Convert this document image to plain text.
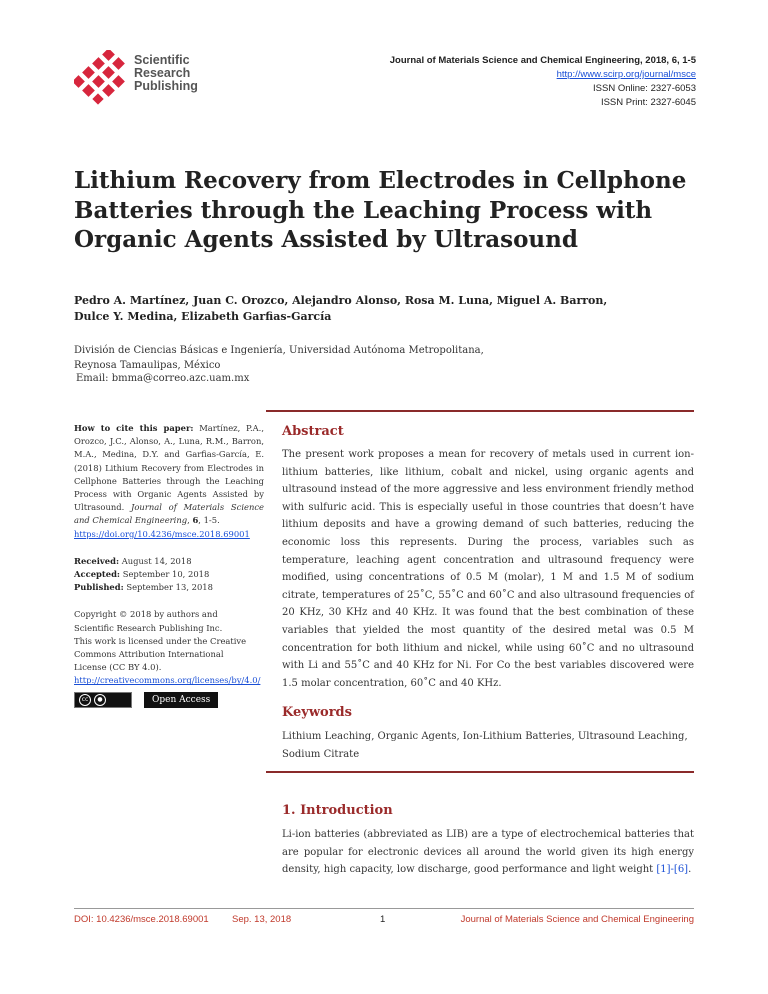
Scientific
Research
Publishing
Journal of Materials Science and Chemical Engineering, 2018, 6, 1-5
http://www.scirp.org/journal/msce
ISSN Online: 2327-6053
ISSN Print: 2327-6045
Lithium Recovery from Electrodes in Cellphone
Batteries through the Leaching Process with
Organic Agents Assisted by Ultrasound
Pedro A. Martínez, Juan C. Orozco, Alejandro Alonso, Rosa M. Luna, Miguel A. Barron,
Dulce Y. Medina, Elizabeth Garfias-García
División de Ciencias Básicas e Ingeniería, Universidad Autónoma Metropolitana,
Reynosa Tamaulipas, México
Email: bmma@correo.azc.uam.mx

How to cite this paper: Martínez, P.A., Orozco, J.C., Alonso, A., Luna, R.M., Barron, M.A., Medina, D.Y. and Garfias-García, E. (2018) Lithium Recovery from Electrodes in Cellphone Batteries through the Leaching Process with Organic Agents Assisted by Ultrasound. Journal of Materials Science and Chemical Engineering, 6, 1-5.
https://doi.org/10.4236/msce.2018.69001

Received: August 14, 2018
Accepted: September 10, 2018
Published: September 13, 2018

Copyright © 2018 by authors and
Scientific Research Publishing Inc.
This work is licensed under the Creative
Commons Attribution International
License (CC BY 4.0).
http://creativecommons.org/licenses/by/4.0/

cc	●	Open Access
Abstract

The present work proposes a mean for recovery of metals used in current ion-lithium batteries, like lithium, cobalt and nickel, using organic agents and ultrasound instead of the more aggressive and less environment friendly method with sulfuric acid. This is especially useful in those countries that doesn’t have lithium deposits and have a growing demand of such batteries, reducing the economic loss this represents. During the process, variables such as temperature, leaching agent concentration and ultrasound frequency were modified, using concentrations of 0.5 M (molar), 1 M and 1.5 M of sodium citrate, temperatures of 25˚C, 55˚C and 60˚C and also ultrasound frequencies of 20 KHz, 30 KHz and 40 KHz. It was found that the best combination of these variables that yielded the most quantity of the desired metal was 0.5 M concentration for both lithium and nickel, while using 60˚C and no ultrasound with Li and 55˚C and 40 KHz for Ni. For Co the best variables discovered were 1.5 molar concentration, 60˚C and 40 KHz.

Keywords

Lithium Leaching, Organic Agents, Ion-Lithium Batteries, Ultrasound Leaching, Sodium Citrate

1. Introduction

Li-ion batteries (abbreviated as LIB) are a type of electrochemical batteries that are popular for electronic devices all around the world given its high energy density, high capacity, low discharge, good performance and light weight [1]-[6].

DOI: 10.4236/msce.2018.69001 Sep. 13, 2018	1	Journal of Materials Science and Chemical Engineering
